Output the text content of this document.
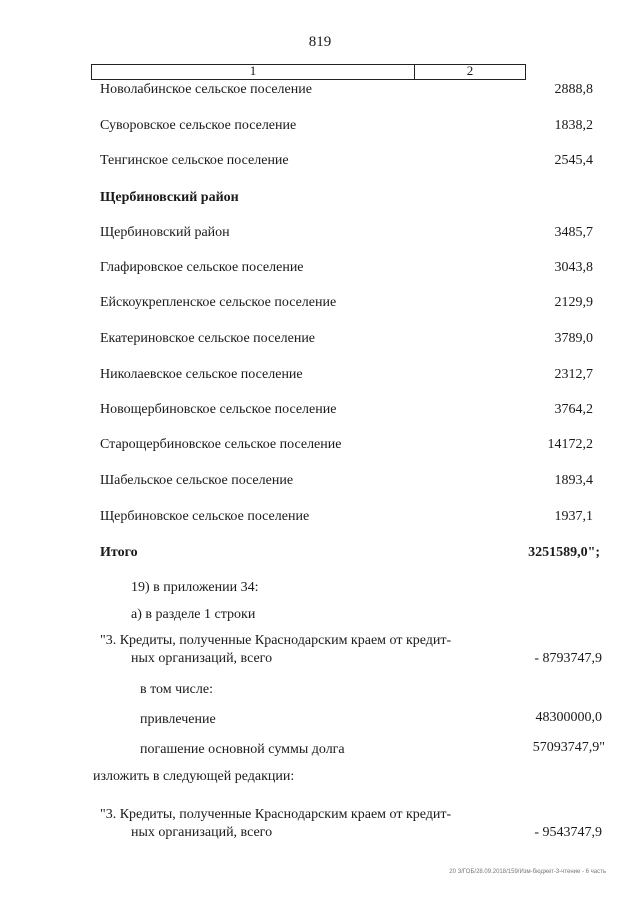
819
1	2
Новолабинское сельское поселение	2888,8
Суворовское сельское поселение	1838,2
Тенгинское сельское поселение	2545,4
Щербиновский район
Щербиновский район	3485,7
Глафировское сельское поселение	3043,8
Ейскоукрепленское сельское поселение	2129,9
Екатериновское сельское поселение	3789,0
Николаевское сельское поселение	2312,7
Новощербиновское сельское поселение	3764,2
Старощербиновское сельское поселение	14172,2
Шабельское сельское поселение	1893,4
Щербиновское сельское поселение	1937,1
Итого	3251589,0";
19) в приложении 34:
а) в разделе 1 строки
"3. Кредиты, полученные Краснодарским краем от кредит-
ных организаций, всего	- 8793747,9
в том числе:
привлечение	48300000,0
погашение основной суммы долга	57093747,9"
изложить в следующей редакции:
"3. Кредиты, полученные Краснодарским краем от кредит-
ных организаций, всего	- 9543747,9
20 З/ГОБ/28.09.2018/159/Изм-бюджет-3-чтение - 6 часть
